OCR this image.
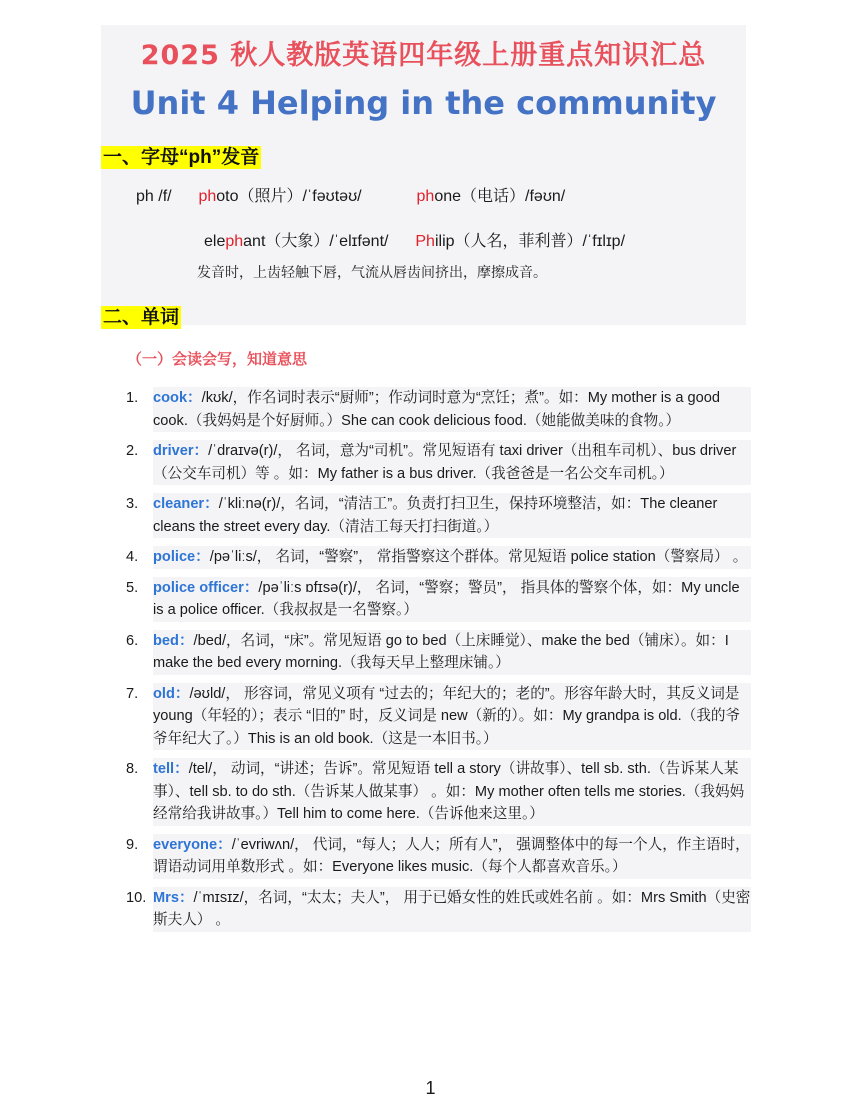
2025 秋人教版英语四年级上册重点知识汇总
Unit 4 Helping in the community
一、字母“ph”发音
ph /f/ photo（照片）/ˈfəʊtəʊ/	phone（电话）/fəʊn/
elephant（大象）/ˈelɪfənt/ Philip（人名，菲利普）/ˈfɪlɪp/
发音时，上齿轻触下唇，气流从唇齿间挤出，摩擦成音。
二、单词
（一）会读会写，知道意思
1. cook：/kʊk/，作名词时表示“厨师”；作动词时意为“烹饪；煮”。如：My mother is a good cook.（我妈妈是个好厨师。）She can cook delicious food.（她能做美味的食物。）
2. driver：/ˈdraɪvə(r)/， 名词，意为“司机”。常见短语有 taxi driver（出租车司机）、bus driver（公交车司机）等 。如：My father is a bus driver.（我爸爸是一名公交车司机。）
3. cleaner：/ˈkliːnə(r)/，名词，“清洁工”。负责打扫卫生，保持环境整洁，如：The cleaner cleans the street every day.（清洁工每天打扫街道。）
4. police：/pəˈliːs/， 名词，“警察”， 常指警察这个群体。常见短语 police station（警察局） 。
5. police officer：/pəˈliːs ɒfɪsə(r)/， 名词，“警察；警员”， 指具体的警察个体，如：My uncle is a police officer.（我叔叔是一名警察。）
6. bed：/bed/，名词，“床”。常见短语 go to bed（上床睡觉）、make the bed（铺床）。如：I make the bed every morning.（我每天早上整理床铺。）
7. old：/əʊld/， 形容词，常见义项有 “过去的；年纪大的；老的”。形容年龄大时，其反义词是 young（年轻的）；表示 “旧的” 时，反义词是 new（新的）。如：My grandpa is old.（我的爷爷年纪大了。）This is an old book.（这是一本旧书。）
8. tell：/tel/， 动词，“讲述；告诉”。常见短语 tell a story（讲故事）、tell sb. sth.（告诉某人某事）、tell sb. to do sth.（告诉某人做某事） 。如：My mother often tells me stories.（我妈妈经常给我讲故事。）Tell him to come here.（告诉他来这里。）
9. everyone：/ˈevriwʌn/， 代词，“每人；人人；所有人”， 强调整体中的每一个人，作主语时，谓语动词用单数形式 。如：Everyone likes music.（每个人都喜欢音乐。）
10. Mrs：/ˈmɪsɪz/，名词，“太太；夫人”， 用于已婚女性的姓氏或姓名前 。如：Mrs Smith（史密斯夫人） 。
1
